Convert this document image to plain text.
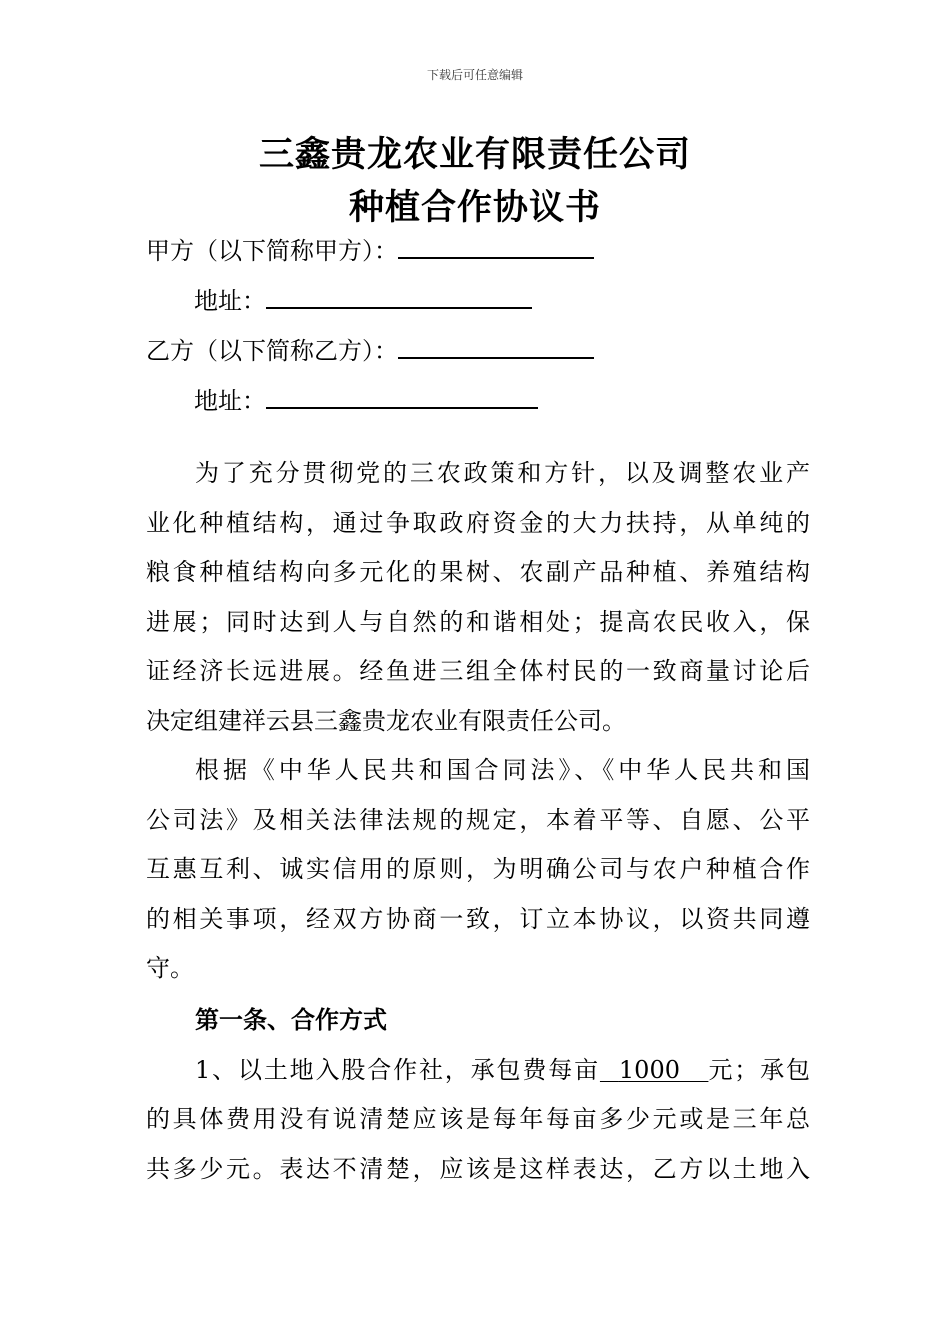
下载后可任意编辑
三鑫贵龙农业有限责任公司
种植合作协议书
甲方（以下简称甲方）：
地址：
乙方（以下简称乙方）：
地址：
为了充分贯彻党的三农政策和方针，以及调整农业产
业化种植结构，通过争取政府资金的大力扶持，从单纯的
粮食种植结构向多元化的果树、农副产品种植、养殖结构
进展；同时达到人与自然的和谐相处；提高农民收入，保
证经济长远进展。经鱼进三组全体村民的一致商量讨论后
决定组建祥云县三鑫贵龙农业有限责任公司。
根据《中华人民共和国合同法》、《中华人民共和国
公司法》及相关法律法规的规定，本着平等、自愿、公平
互惠互利、诚实信用的原则，为明确公司与农户种植合作
的相关事项，经双方协商一致，订立本协议，以资共同遵
守。
第一条、合作方式
1、以土地入股合作社，承包费每亩 1000 元；承包
的具体费用没有说清楚应该是每年每亩多少元或是三年总
共多少元。表达不清楚，应该是这样表达，乙方以土地入
